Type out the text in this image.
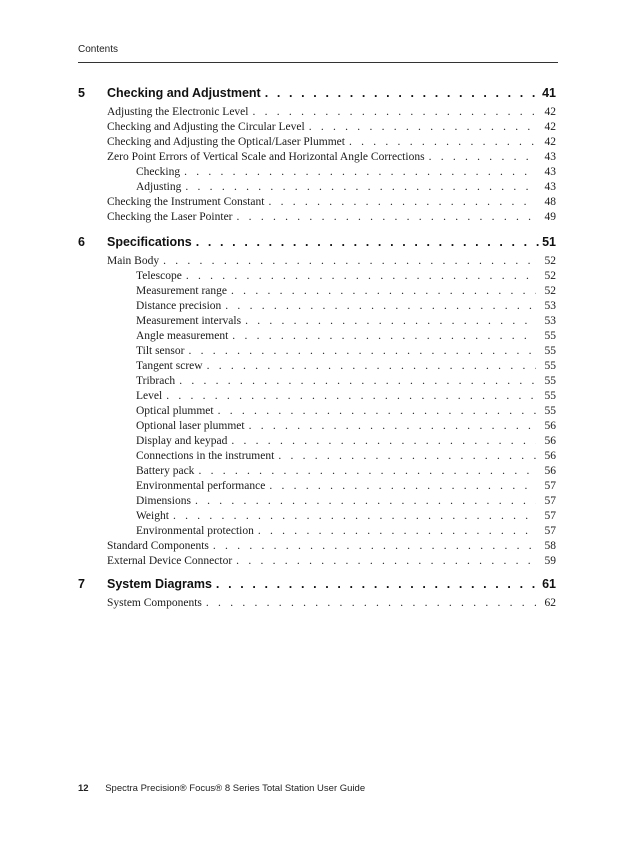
Contents
5 Checking and Adjustment . . .	41
Adjusting the Electronic Level . . .	42
Checking and Adjusting the Circular Level . . .	42
Checking and Adjusting the Optical/Laser Plummet . . .	42
Zero Point Errors of Vertical Scale and Horizontal Angle Corrections . . .	43
Checking . . .	43
Adjusting . . .	43
Checking the Instrument Constant . . .	48
Checking the Laser Pointer . . .	49
6 Specifications . . .	51
Main Body . . .	52
Telescope . . .	52
Measurement range . . .	52
Distance precision . . .	53
Measurement intervals . . .	53
Angle measurement . . .	55
Tilt sensor . . .	55
Tangent screw . . .	55
Tribrach . . .	55
Level . . .	55
Optical plummet . . .	55
Optional laser plummet . . .	56
Display and keypad . . .	56
Connections in the instrument . . .	56
Battery pack . . .	56
Environmental performance . . .	57
Dimensions . . .	57
Weight . . .	57
Environmental protection . . .	57
Standard Components . . .	58
External Device Connector . . .	59
7 System Diagrams . . .	61
System Components . . .	62
12 Spectra Precision® Focus® 8 Series Total Station User Guide
